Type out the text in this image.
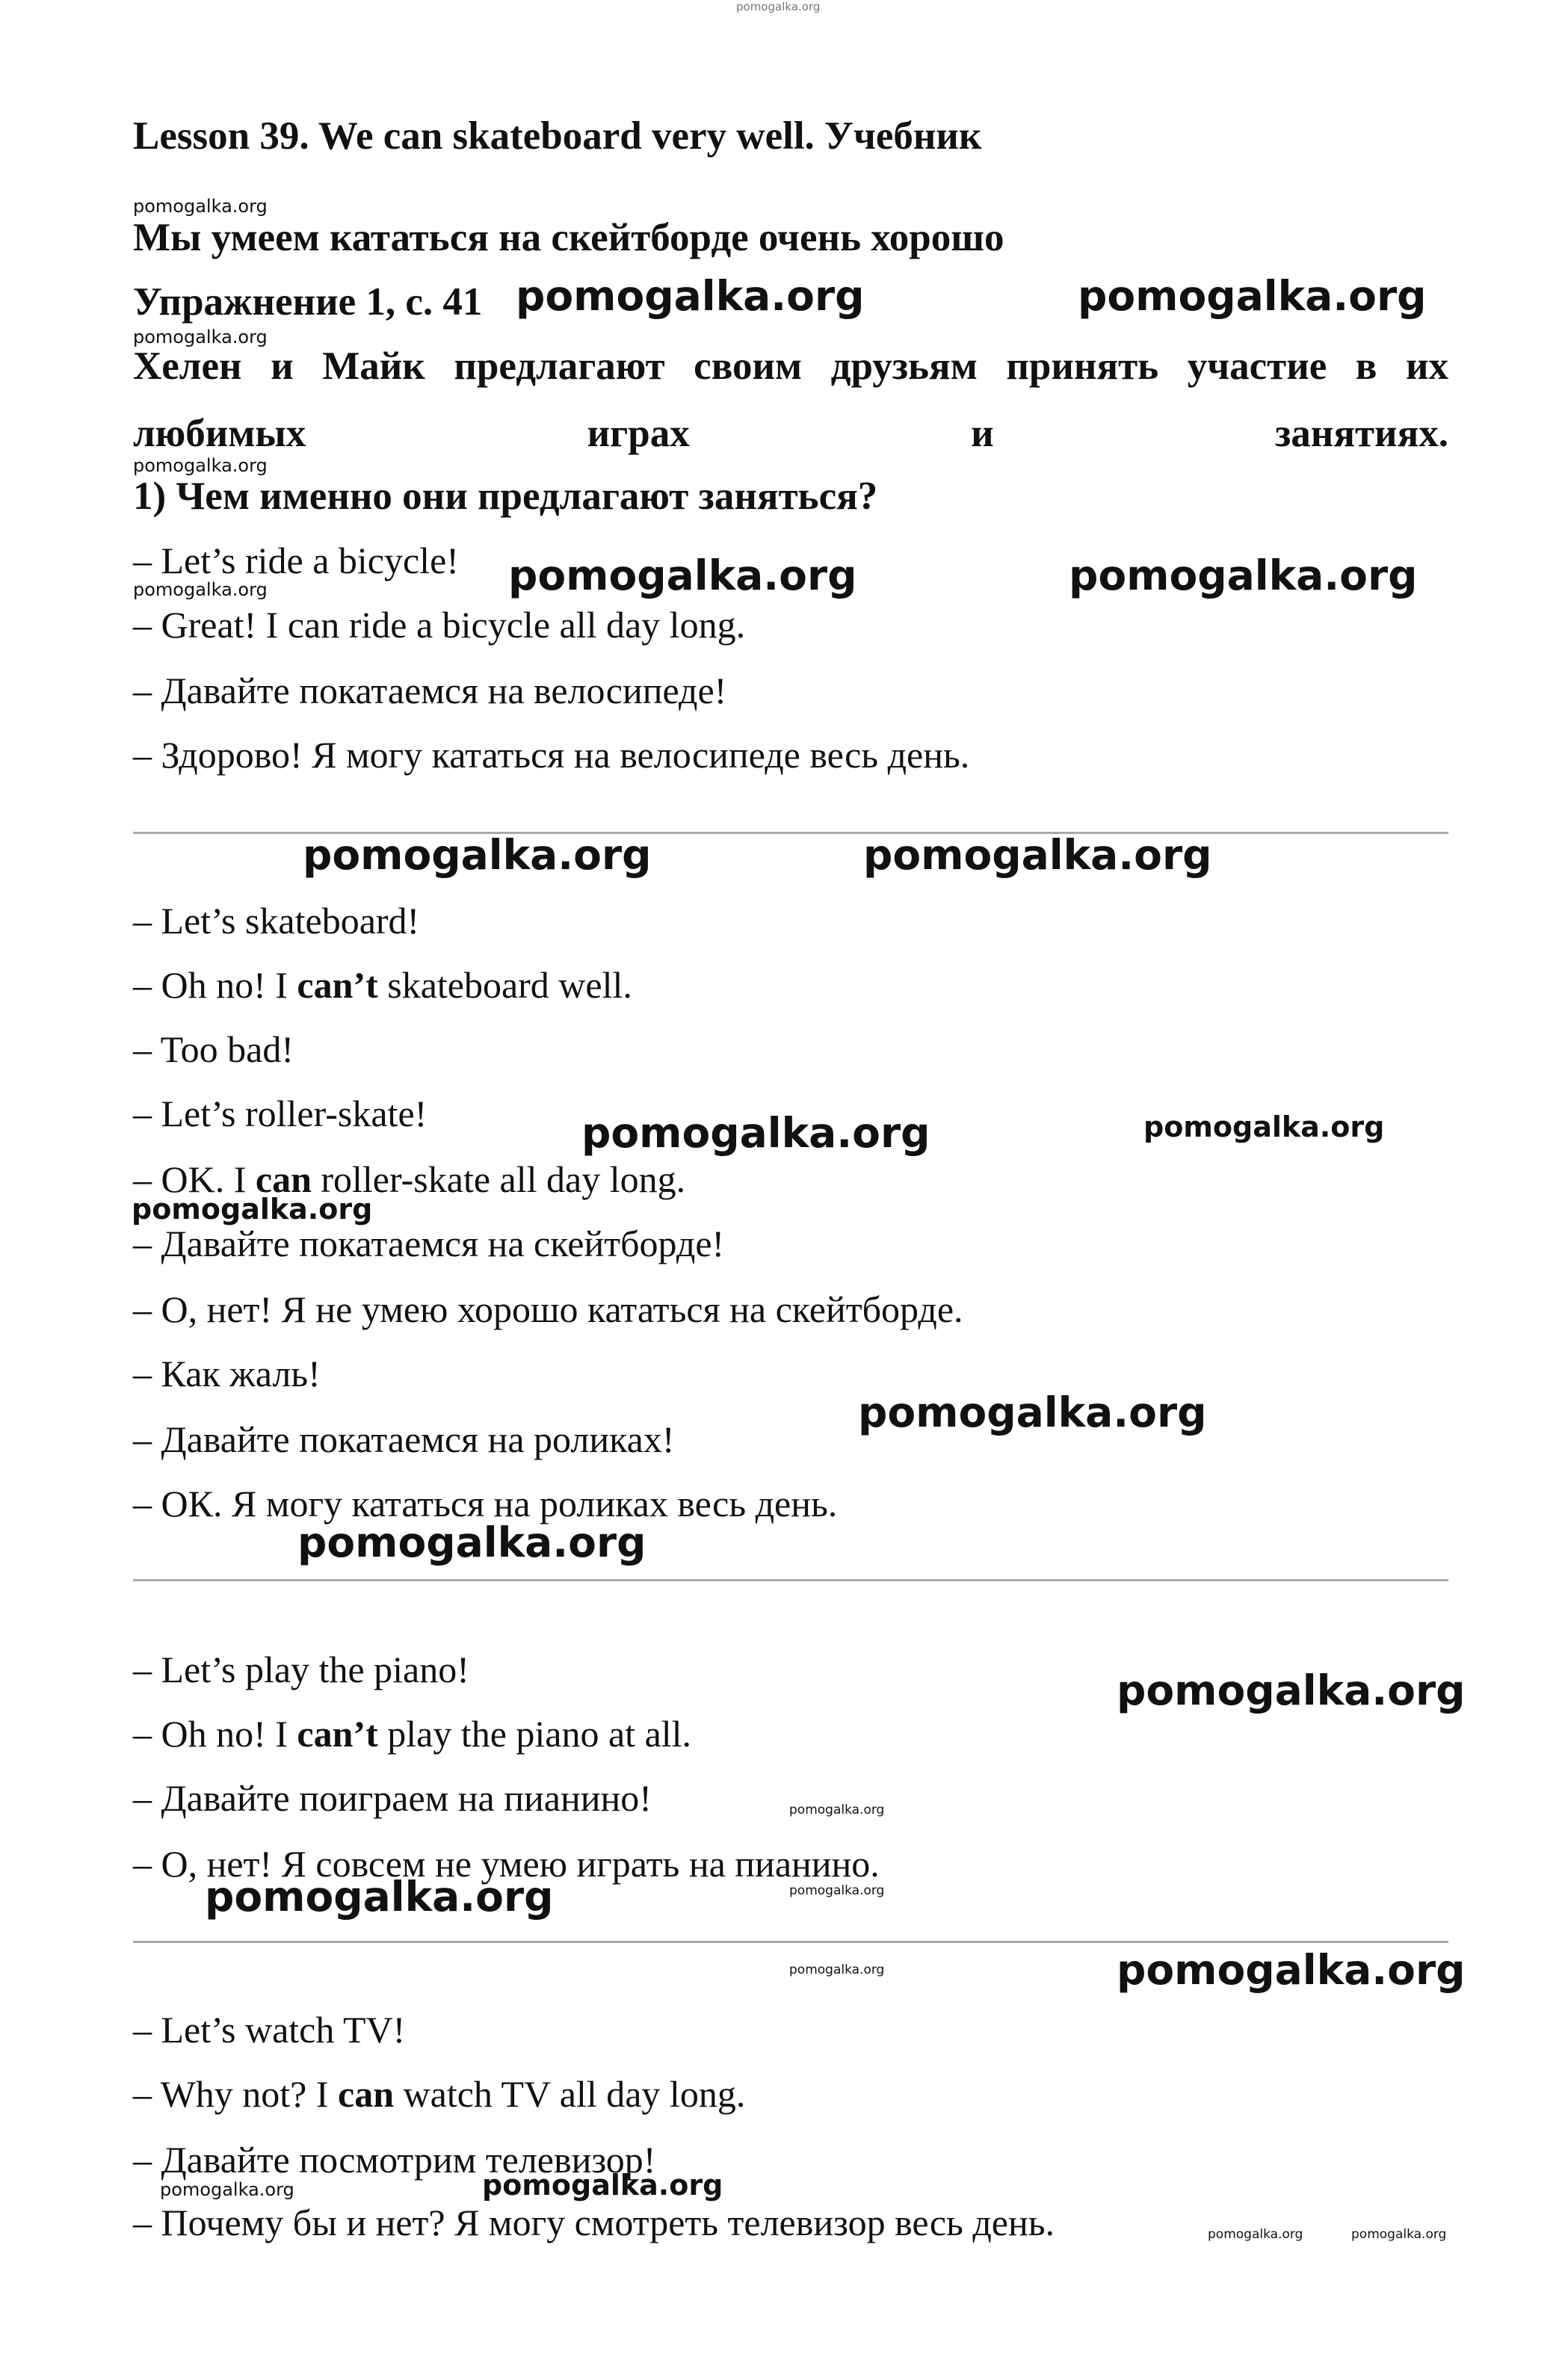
pomogalka.org
Lesson 39. We can skateboard very well. Учебник
pomogalka.org
Мы умеем кататься на скейтборде очень хорошо
Упражнение 1, с. 41 pomogalka.org	pomogalka.org
pomogalka.org
Хелен и Майк предлагают своим друзьям принять участие в их
любимых	играх	и	занятиях.
pomogalka.org
1) Чем именно они предлагают заняться?
– Let’s ride a bicycle! pomogalka.org	pomogalka.org
pomogalka.org
– Great! I can ride a bicycle all day long.
– Давайте покатаемся на велосипеде!
– Здорово! Я могу кататься на велосипеде весь день.
pomogalka.org	pomogalka.org
– Let’s skateboard!
– Oh no! I can’t skateboard well.
– Too bad!
– Let’s roller-skate!	pomogalka.org	pomogalka.org
– OK. I can roller-skate all day long.
pomogalka.org
– Давайте покатаемся на скейтборде!
– О, нет! Я не умею хорошо кататься на скейтборде.
– Как жаль!
pomogalka.org
– Давайте покатаемся на роликах!
– ОК. Я могу кататься на роликах весь день.
pomogalka.org
– Let’s play the piano!	pomogalka.org
– Oh no! I can’t play the piano at all.
– Давайте поиграем на пианино!	pomogalka.org
– О, нет! Я совсем не умею играть на пианино.
pomogalka.org
pomogalka.org
pomogalka.org	pomogalka.org
– Let’s watch TV!
– Why not? I can watch TV all day long.
– Давайте посмотрим телевизор!
pomogalka.org
pomogalka.org
– Почему бы и нет? Я могу смотреть телевизор весь день.	pomogalka.org	pomogalka.org
